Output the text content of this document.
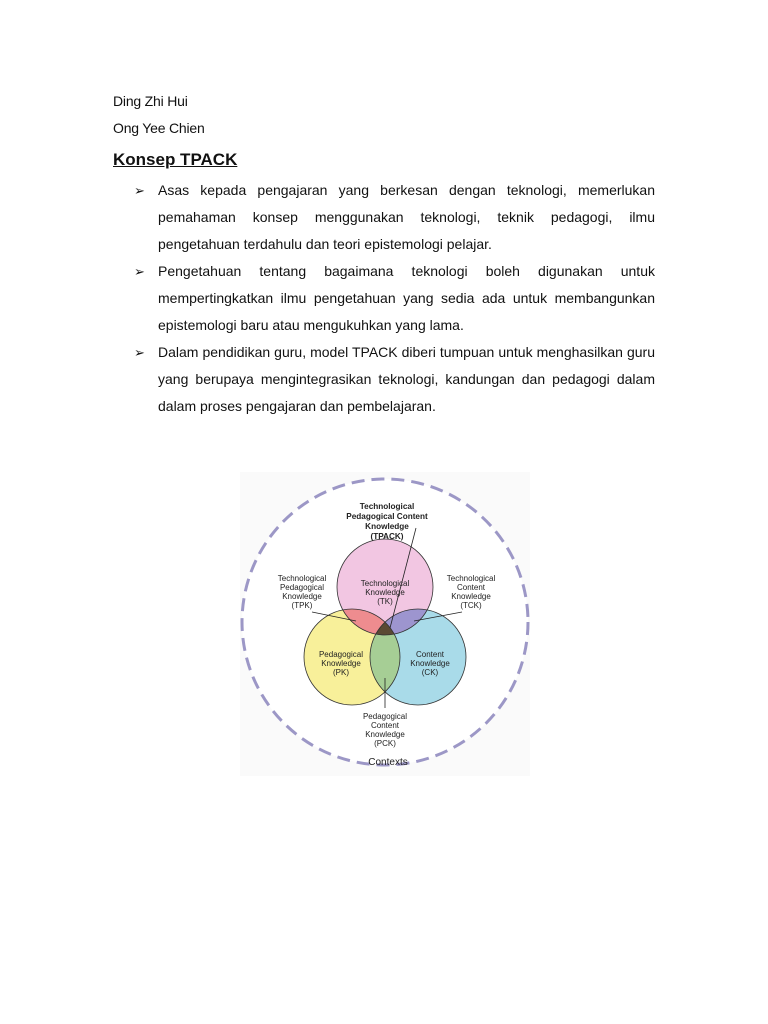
Ding Zhi Hui
Ong Yee Chien
Konsep TPACK
➢ Asas kepada pengajaran yang berkesan dengan teknologi, memerlukan pemahaman konsep menggunakan teknologi, teknik pedagogi, ilmu pengetahuan terdahulu dan teori epistemologi pelajar.
➢ Pengetahuan tentang bagaimana teknologi boleh digunakan untuk mempertingkatkan ilmu pengetahuan yang sedia ada untuk membangunkan epistemologi baru atau mengukuhkan yang lama.
➢ Dalam pendidikan guru, model TPACK diberi tumpuan untuk menghasilkan guru yang berupaya mengintegrasikan teknologi, kandungan dan pedagogi dalam dalam proses pengajaran dan pembelajaran.
Technological
Pedagogical Content
Knowledge
(TPACK)
Technological
Pedagogical
Knowledge
(TPK)
Technological
Content
Knowledge
(TCK)
Technological
Knowledge
(TK)
Pedagogical
Knowledge
(PK)
Content
Knowledge
(CK)
Pedagogical
Content
Knowledge
(PCK)
Contexts
